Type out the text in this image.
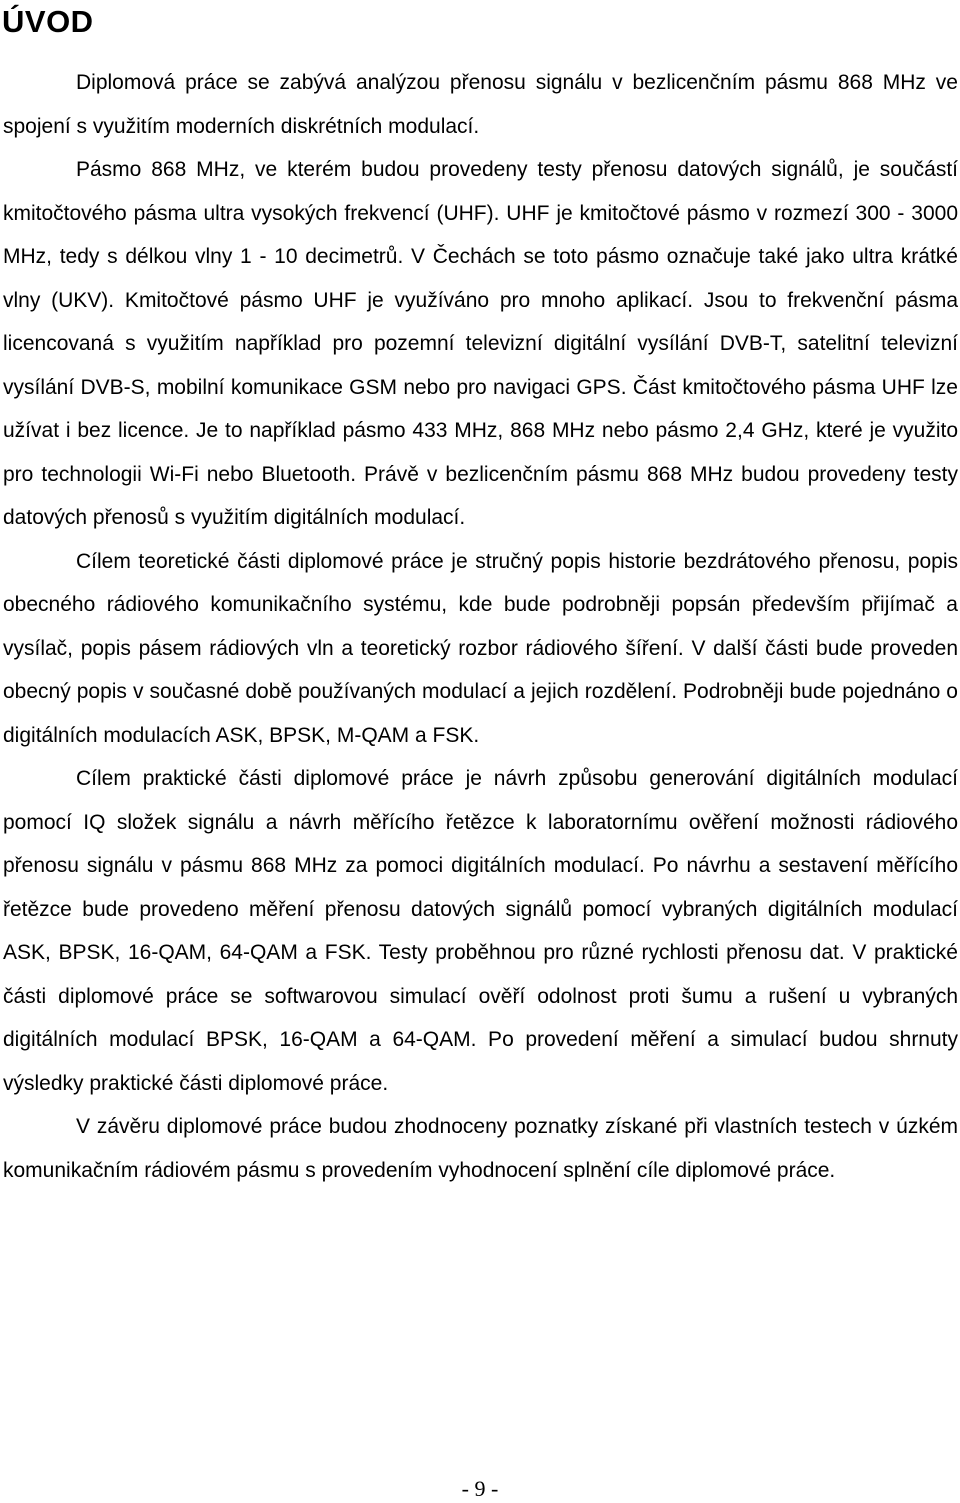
ÚVOD

Diplomová práce se zabývá analýzou přenosu signálu v bezlicenčním pásmu 868 MHz ve spojení s využitím moderních diskrétních modulací.

Pásmo 868 MHz, ve kterém budou provedeny testy přenosu datových signálů, je součástí kmitočtového pásma ultra vysokých frekvencí (UHF). UHF je kmitočtové pásmo v rozmezí 300 - 3000 MHz, tedy s délkou vlny 1 - 10 decimetrů. V Čechách se toto pásmo označuje také jako ultra krátké vlny (UKV). Kmitočtové pásmo UHF je využíváno pro mnoho aplikací. Jsou to frekvenční pásma licencovaná s využitím například pro pozemní televizní digitální vysílání DVB-T, satelitní televizní vysílání DVB-S, mobilní komunikace GSM nebo pro navigaci GPS. Část kmitočtového pásma UHF lze užívat i bez licence. Je to například pásmo 433 MHz, 868 MHz nebo pásmo 2,4 GHz, které je využito pro technologii Wi-Fi nebo Bluetooth. Právě v bezlicenčním pásmu 868 MHz budou provedeny testy datových přenosů s využitím digitálních modulací.

Cílem teoretické části diplomové práce je stručný popis historie bezdrátového přenosu, popis obecného rádiového komunikačního systému, kde bude podrobněji popsán především přijímač a vysílač, popis pásem rádiových vln a teoretický rozbor rádiového šíření. V další části bude proveden obecný popis v současné době používaných modulací a jejich rozdělení. Podrobněji bude pojednáno o digitálních modulacích ASK, BPSK, M-QAM a FSK.

Cílem praktické části diplomové práce je návrh způsobu generování digitálních modulací pomocí IQ složek signálu a návrh měřícího řetězce k laboratornímu ověření možnosti rádiového přenosu signálu v pásmu 868 MHz za pomoci digitálních modulací. Po návrhu a sestavení měřícího řetězce bude provedeno měření přenosu datových signálů pomocí vybraných digitálních modulací ASK, BPSK, 16-QAM, 64-QAM a FSK. Testy proběhnou pro různé rychlosti přenosu dat. V praktické části diplomové práce se softwarovou simulací ověří odolnost proti šumu a rušení u vybraných digitálních modulací BPSK, 16-QAM a 64-QAM. Po provedení měření a simulací budou shrnuty výsledky praktické části diplomové práce.

V závěru diplomové práce budou zhodnoceny poznatky získané při vlastních testech v úzkém komunikačním rádiovém pásmu s provedením vyhodnocení splnění cíle diplomové práce.

- 9 -
